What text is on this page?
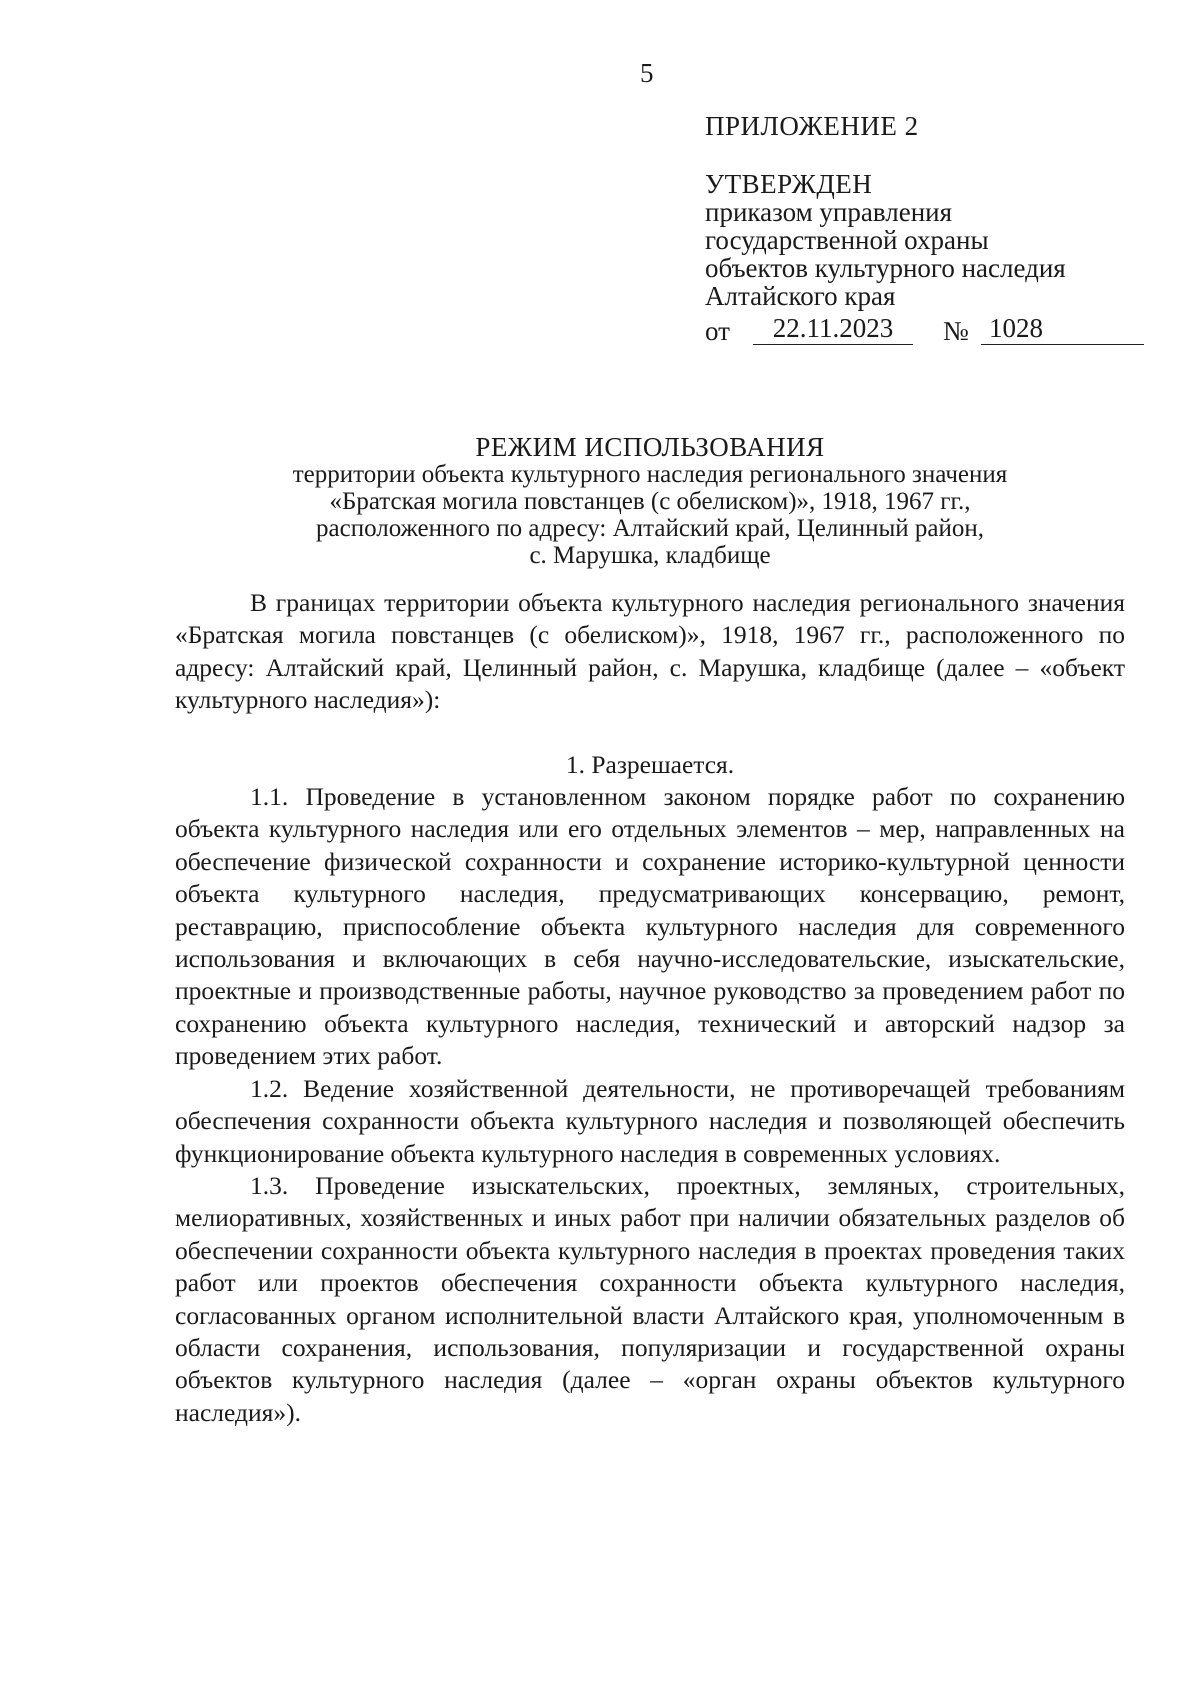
5
ПРИЛОЖЕНИЕ 2
УТВЕРЖДЕН
приказом управления
государственной охраны
объектов культурного наследия
Алтайского края
от	22.11.2023	№ 1028
РЕЖИМ ИСПОЛЬЗОВАНИЯ
территории объекта культурного наследия регионального значения
«Братская могила повстанцев (с обелиском)», 1918, 1967 гг.,
расположенного по адресу: Алтайский край, Целинный район,
с. Марушка, кладбище

В границах территории объекта культурного наследия регионального значения «Братская могила повстанцев (с обелиском)», 1918, 1967 гг., расположенного по адресу: Алтайский край, Целинный район, с. Марушка, кладбище (далее – «объект культурного наследия»):

1. Разрешается.

1.1. Проведение в установленном законом порядке работ по сохранению объекта культурного наследия или его отдельных элементов – мер, направленных на обеспечение физической сохранности и сохранение историко-культурной ценности объекта культурного наследия, предусматривающих консервацию, ремонт, реставрацию, приспособление объекта культурного наследия для современного использования и включающих в себя научно-исследовательские, изыскательские, проектные и производственные работы, научное руководство за проведением работ по сохранению объекта культурного наследия, технический и авторский надзор за проведением этих работ.

1.2. Ведение хозяйственной деятельности, не противоречащей требованиям обеспечения сохранности объекта культурного наследия и позволяющей обеспечить функционирование объекта культурного наследия в современных условиях.

1.3. Проведение изыскательских, проектных, земляных, строительных, мелиоративных, хозяйственных и иных работ при наличии обязательных разделов об обеспечении сохранности объекта культурного наследия в проектах проведения таких работ или проектов обеспечения сохранности объекта культурного наследия, согласованных органом исполнительной власти Алтайского края, уполномоченным в области сохранения, использования, популяризации и государственной охраны объектов культурного наследия (далее – «орган охраны объектов культурного наследия»).
